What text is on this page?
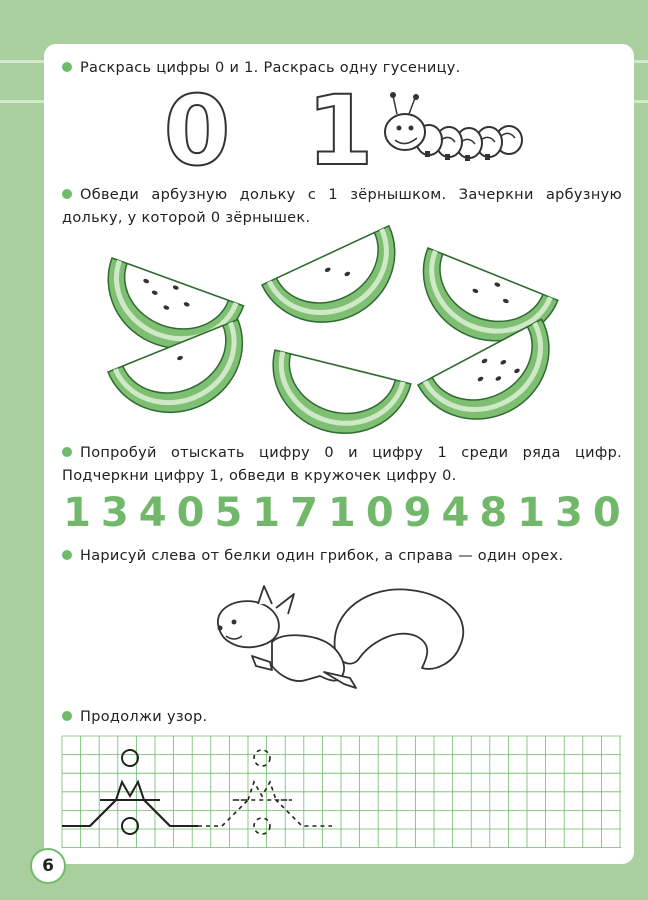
Раскрась цифры 0 и 1. Раскрась одну гусеницу.
0 1
Обведи арбузную дольку с 1 зёрнышком. Зачеркни арбузную дольку, у которой 0 зёрнышек.
Попробуй отыскать цифру 0 и цифру 1 среди ряда цифр. Подчеркни цифру 1, обведи в кружочек цифру 0.
1 3 4 0 5 1 7 1 0 9 4 8 1 3 0
Нарисуй слева от белки один грибок, а справа — один орех.
Продолжи узор.
6
